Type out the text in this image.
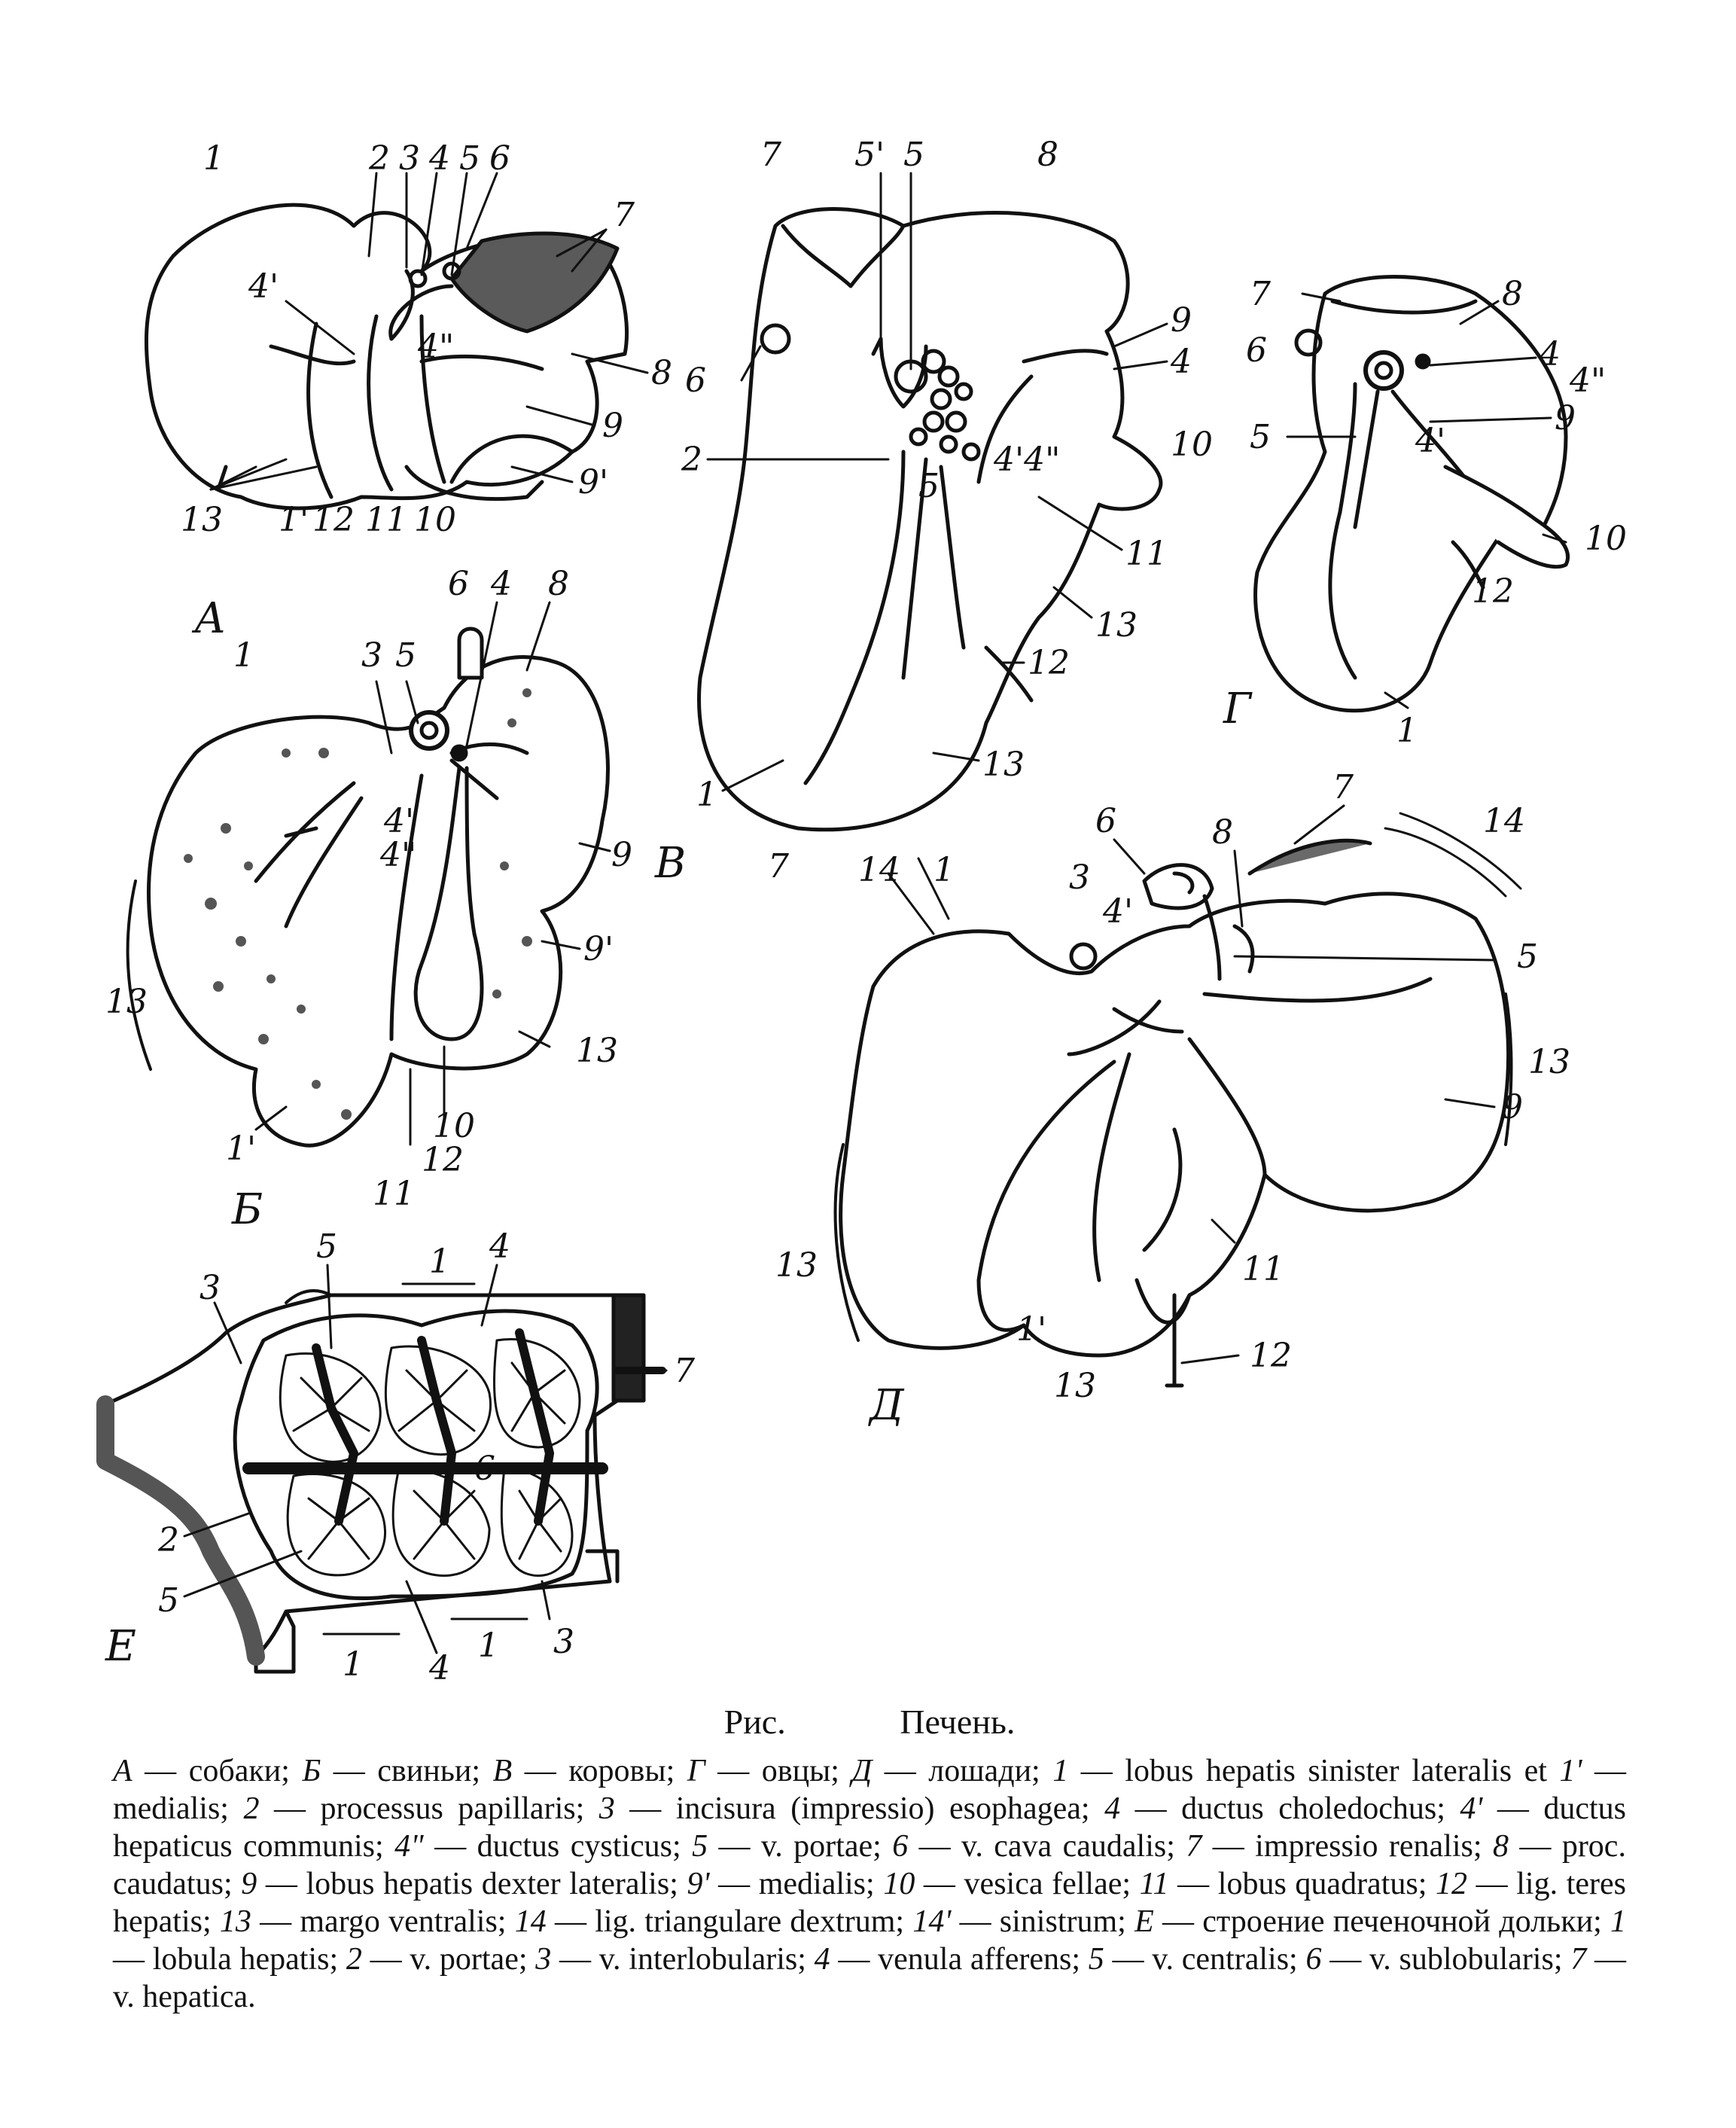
1	2 3 4 5 6
7
4'
4"
8
9
9'
13 1' 12 11 10
А
1	3 5
6 4 8
9
9'
4'
4"
13
13
1'
10
12
11
Б
7 5' 5	8
9
4
6
2	4'4"	10
5
11
13
12
1
13
7
В
7	8
6	4
4"
5	4'
9
10
12
1
Г
6	8
7
14
14 1	3
4'
5
13
9
11
13
1'
12
13
Д
5	1 4
3
7
6
2
5
1 4
1 3
Е
Рис.	Печень.
А — собаки; Б — свиньи; В — коровы; Г — овцы; Д — лошади; 1 — lobus hepatis sinister lateralis et 1' — medialis; 2 — processus papillaris; 3 — incisura (impressio) esophagea; 4 — ductus choledochus; 4' — ductus hepaticus communis; 4" — ductus cysticus; 5 — v. portae; 6 — v. cava caudalis; 7 — impressio renalis; 8 — proc. caudatus; 9 — lobus hepatis dexter lateralis; 9' — medialis; 10 — vesica fellae; 11 — lobus quadratus; 12 — lig. teres hepatis; 13 — margo ventralis; 14 — lig. triangulare dextrum; 14' — sinistrum; Е — строение печеночной дольки; 1 — lobula hepatis; 2 — v. portae; 3 — v. interlobularis; 4 — venula afferens; 5 — v. centralis; 6 — v. sublobularis; 7 — v. hepatica.
